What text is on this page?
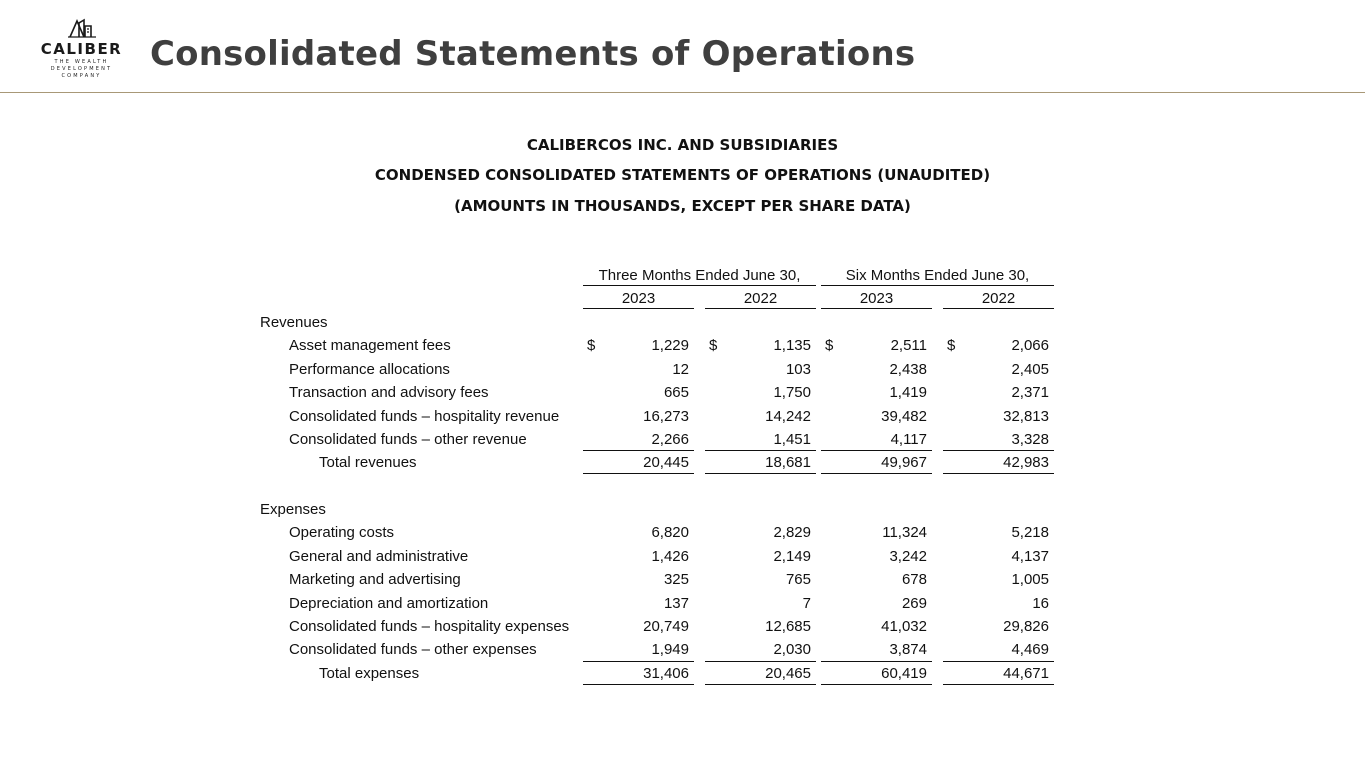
CALIBER
THE WEALTH DEVELOPMENT
COMPANY
Consolidated Statements of Operations
CALIBERCOS INC. AND SUBSIDIARIES
CONDENSED CONSOLIDATED STATEMENTS OF OPERATIONS (UNAUDITED)
(AMOUNTS IN THOUSANDS, EXCEPT PER SHARE DATA)
Three Months Ended June 30,	Six Months Ended June 30,
2023	2022	2023	2022
Revenues
Asset management fees	$	1,229 $	1,135 $	2,511 $	2,066
Performance allocations	12	103	2,438	2,405
Transaction and advisory fees	665	1,750	1,419	2,371
Consolidated funds – hospitality revenue	16,273	14,242	39,482	32,813
Consolidated funds – other revenue	2,266	1,451	4,117	3,328
Total revenues	20,445	18,681	49,967	42,983
Expenses
Operating costs	6,820	2,829	11,324	5,218
General and administrative	1,426	2,149	3,242	4,137
Marketing and advertising	325	765	678	1,005
Depreciation and amortization	137	7	269	16
Consolidated funds – hospitality expenses	20,749	12,685	41,032	29,826
Consolidated funds – other expenses	1,949	2,030	3,874	4,469
Total expenses	31,406	20,465	60,419	44,671
